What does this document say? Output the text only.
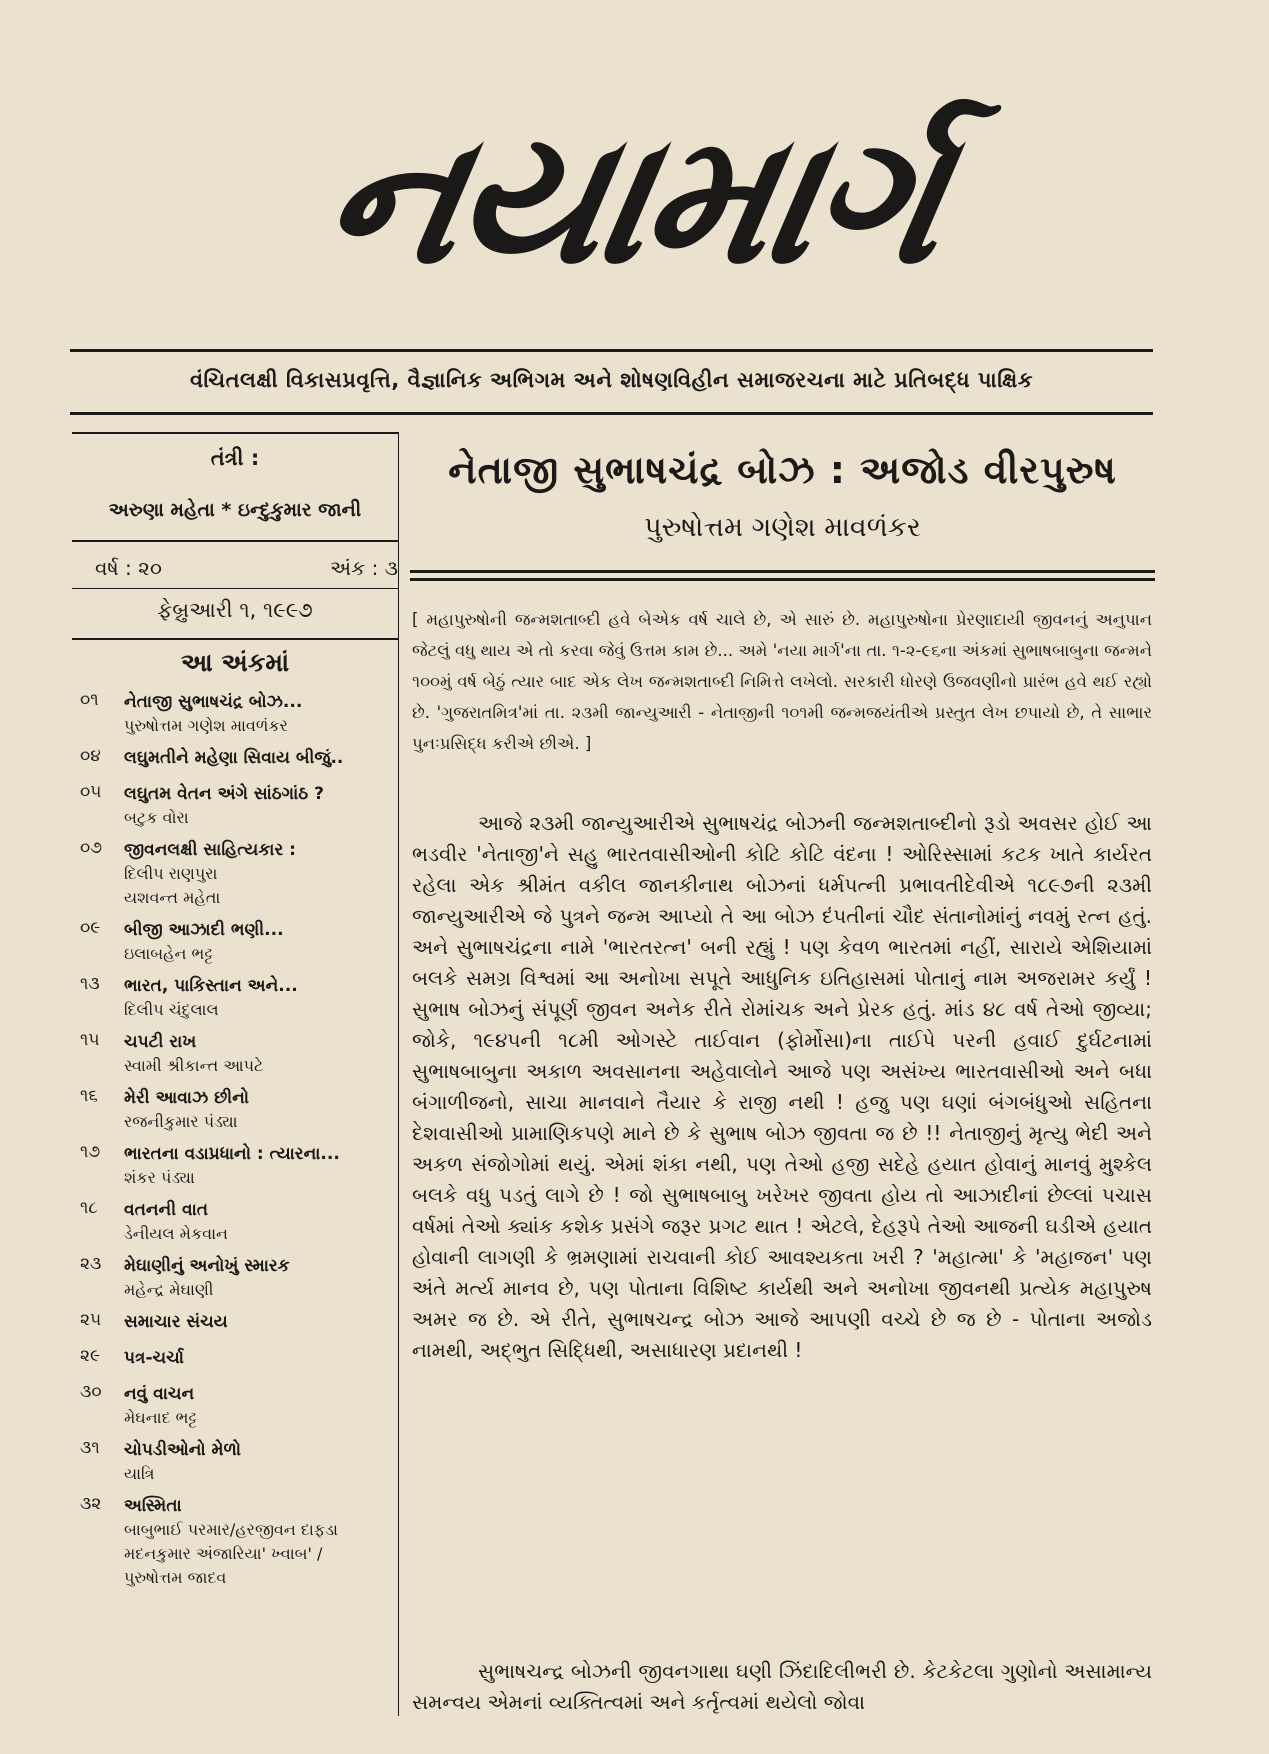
નયામાર્ગ
વંચિતલક્ષી વિકાસપ્રવૃત્તિ, વૈજ્ઞાનિક અભિગમ અને શોષણવિહીન સમાજરચના માટે પ્રતિબદ્ધ પાક્ષિક
તંત્રી :
અરુણા મહેતા * ઇન્દુકુમાર જાની
વર્ષ : ૨૦	અંક : ૩
ફેબ્રુઆરી ૧, ૧૯૯૭
આ અંકમાં
૦૧	નેતાજી સુભાષચંદ્ર બોઝ...
પુરુષોત્તમ ગણેશ માવળંકર
૦૪	લઘુમતીને મહેણા સિવાય બીજું..
૦૫	લઘુતમ વેતન અંગે સાંઠગાંઠ ?
બટુક વોરા
૦૭	જીવનલક્ષી સાહિત્યકાર :
દિલીપ રાણપુરા
યશવન્ત મહેતા
૦૯	બીજી આઝાદી ભણી...
ઇલાબહેન ભટ્ટ
૧૩	ભારત, પાકિસ્તાન અને...
દિલીપ ચંદુલાલ
૧૫	ચપટી રાખ
સ્વામી શ્રીકાન્ત આપટે
૧૬	મેરી આવાઝ છીનો
રજનીકુમાર પંડ્યા
૧૭	ભારતના વડાપ્રધાનો : ત્યારના...
શંકર પંડ્યા
૧૮	વતનની વાત
ડેનીયલ મેકવાન
૨૩	મેઘાણીનું અનોખું સ્મારક
મહેન્દ્ર મેઘાણી
૨૫	સમાચાર સંચય
૨૯	પત્ર-ચર્ચા
૩૦	નવું વાચન
મેઘનાદ ભટ્ટ
૩૧	ચોપડીઓનો મેળો
યાત્રિ
૩૨	અસ્મિતા
બાબુભાઈ પરમાર/હરજીવન દાફડા
મદનકુમાર અંજારિયા' ખ્વાબ' /
પુરુષોત્તમ જાદવ
નેતાજી સુભાષચંદ્ર બોઝ : અજોડ વીરપુરુષ
પુરુષોત્તમ ગણેશ માવળંકર
[ મહાપુરુષોની જન્મશતાબ્દી હવે બેએક વર્ષ ચાલે છે, એ સારું છે. મહાપુરુષોના પ્રેરણાદાયી જીવનનું અનુપાન જેટલું વધુ થાય એ તો કરવા જેવું ઉત્તમ કામ છે... અમે 'નયા માર્ગ'ના તા. ૧-૨-૯૬ના અંકમાં સુભાષબાબુના જન્મને ૧૦૦મું વર્ષ બેઠું ત્યાર બાદ એક લેખ જન્મશતાબ્દી નિમિત્તે લખેલો. સરકારી ધોરણે ઉજવણીનો પ્રારંભ હવે થઈ રહ્યો છે. 'ગુજરાતમિત્ર'માં તા. ૨૩મી જાન્યુઆરી - નેતાજીની ૧૦૧મી જન્મજયંતીએ પ્રસ્તુત લેખ છપાયો છે, તે સાભાર પુનઃપ્રસિદ્ધ કરીએ છીએ. ]
આજે ૨૩મી જાન્યુઆરીએ સુભાષચંદ્ર બોઝની જન્મશતાબ્દીનો રૂડો અવસર હોઈ આ ભડવીર 'નેતાજી'ને સહુ ભારતવાસીઓની કોટિ કોટિ વંદના ! ઓરિસ્સામાં કટક ખાતે કાર્યરત રહેલા એક શ્રીમંત વકીલ જાનકીનાથ બોઝનાં ધર્મપત્ની પ્રભાવતીદેવીએ ૧૮૯૭ની ૨૩મી જાન્યુઆરીએ જે પુત્રને જન્મ આપ્યો તે આ બોઝ દંપતીનાં ચૌદ સંતાનોમાંનું નવમું રત્ન હતું. અને સુભાષચંદ્રના નામે 'ભારતરત્ન' બની રહ્યું ! પણ કેવળ ભારતમાં નહીં, સારાયે એશિયામાં બલકે સમગ્ર વિશ્વમાં આ અનોખા સપૂતે આધુનિક ઇતિહાસમાં પોતાનું નામ અજરામર કર્યું ! સુભાષ બોઝનું સંપૂર્ણ જીવન અનેક રીતે રોમાંચક અને પ્રેરક હતું. માંડ ૪૮ વર્ષ તેઓ જીવ્યા; જોકે, ૧૯૪૫ની ૧૮મી ઓગસ્ટે તાઈવાન (ફોર્મોસા)ના તાઈપે પરની હવાઈ દુર્ઘટનામાં સુભાષબાબુના અકાળ અવસાનના અહેવાલોને આજે પણ અસંખ્ય ભારતવાસીઓ અને બધા બંગાળીજનો, સાચા માનવાને તૈયાર કે રાજી નથી ! હજુ પણ ઘણાં બંગબંધુઓ સહિતના દેશવાસીઓ પ્રામાણિકપણે માને છે કે સુભાષ બોઝ જીવતા જ છે !! નેતાજીનું મૃત્યુ ભેદી અને અકળ સંજોગોમાં થયું. એમાં શંકા નથી, પણ તેઓ હજી સદેહે હયાત હોવાનું માનવું મુશ્કેલ બલકે વધુ પડતું લાગે છે ! જો સુભાષબાબુ ખરેખર જીવતા હોય તો આઝાદીનાં છેલ્લાં પચાસ વર્ષમાં તેઓ ક્યાંક કશેક પ્રસંગે જરૂર પ્રગટ થાત ! એટલે, દેહરૂપે તેઓ આજની ઘડીએ હયાત હોવાની લાગણી કે ભ્રમણામાં રાચવાની કોઈ આવશ્યકતા ખરી ? 'મહાત્મા' કે 'મહાજન' પણ અંતે મર્ત્ય માનવ છે, પણ પોતાના વિશિષ્ટ કાર્યથી અને અનોખા જીવનથી પ્રત્યેક મહાપુરુષ અમર જ છે. એ રીતે, સુભાષચન્દ્ર બોઝ આજે આપણી વચ્ચે છે જ છે - પોતાના અજોડ નામથી, અદ્ભુત સિદ્ધિથી, અસાધારણ પ્રદાનથી !
સુભાષચન્દ્ર બોઝની જીવનગાથા ઘણી ઝિંદાદિલીભરી છે. કેટકેટલા ગુણોનો અસામાન્ય સમન્વય એમનાં વ્યક્તિત્વમાં અને કર્તૃત્વમાં થયેલો જોવા
